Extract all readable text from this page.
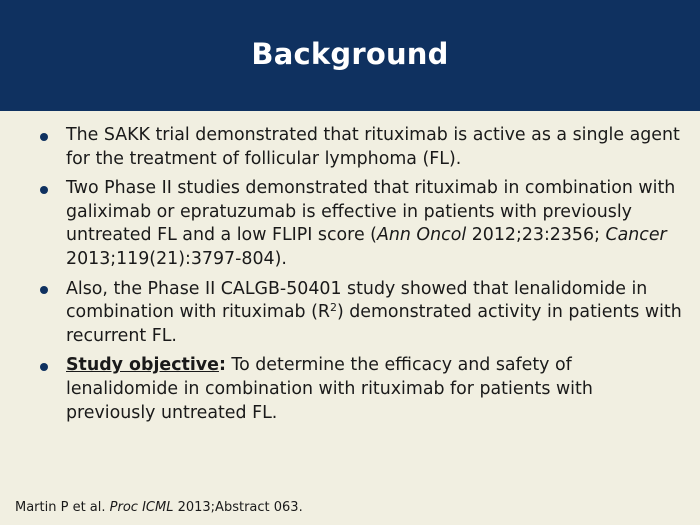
Background
The SAKK trial demonstrated that rituximab is active as a single agent for the treatment of follicular lymphoma (FL).
Two Phase II studies demonstrated that rituximab in combination with galiximab or epratuzumab is effective in patients with previously untreated FL and a low FLIPI score (Ann Oncol 2012;23:2356; Cancer 2013;119(21):3797-804).
Also, the Phase II CALGB-50401 study showed that lenalidomide in combination with rituximab $(R^2)$ demonstrated activity in patients with recurrent FL.
Study objective: To determine the efficacy and safety of lenalidomide in combination with rituximab for patients with previously untreated FL.
Martin P et al. Proc ICML 2013;Abstract 063.
